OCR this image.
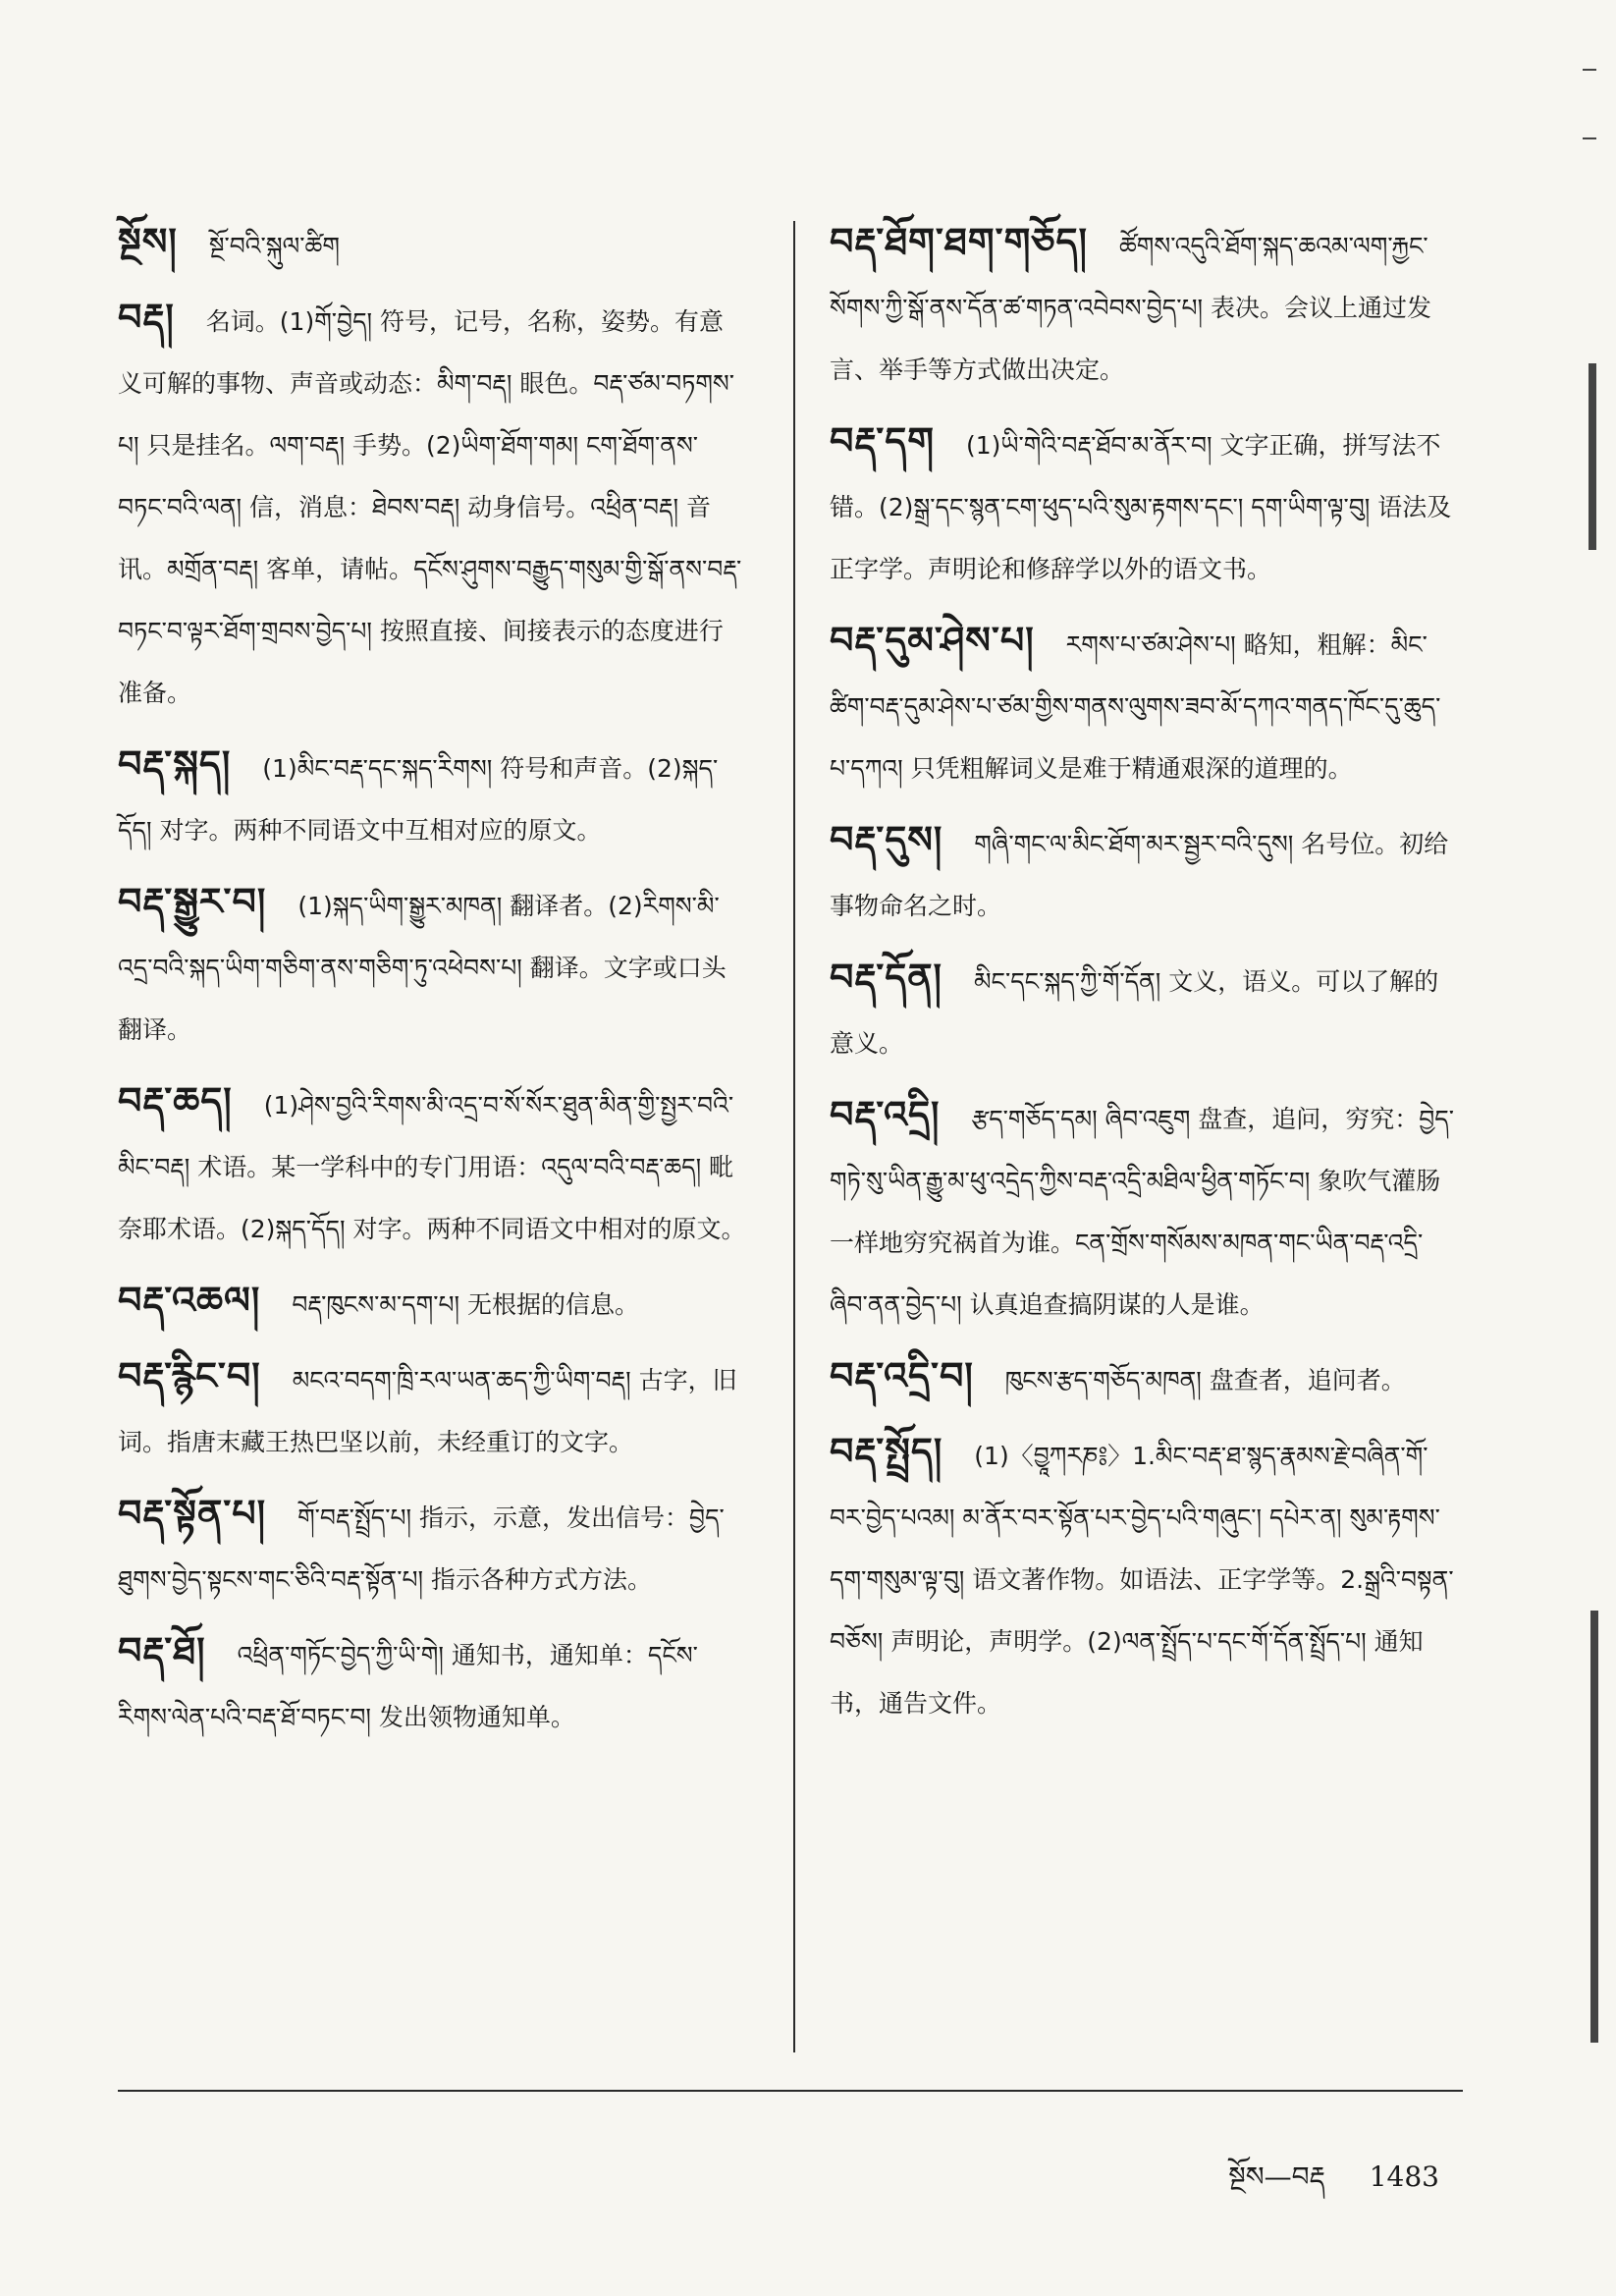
སྔོས། སྔོ་བའི་སྐུལ་ཚིག
བརྡ། 名词。(1)གོ་བྱེད། 符号，记号，名称，姿势。有意义可解的事物、声音或动态：མིག་བརྡ། 眼色。བརྡ་ཙམ་བཏགས་པ། 只是挂名。ལག་བརྡ། 手势。(2)ཡིག་ཐོག་གམ། ངག་ཐོག་ནས་བཏང་བའི་ལན། 信，消息：ཐེབས་བརྡ། 动身信号。འཕྲིན་བརྡ། 音讯。མགྲོན་བརྡ། 客单，请帖。དངོས་ཤུགས་བརྒྱུད་གསུམ་གྱི་སྒོ་ནས་བརྡ་བཏང་བ་ལྟར་ཐོག་གྲབས་བྱེད་པ། 按照直接、间接表示的态度进行准备。
བརྡ་སྐད། (1)མིང་བརྡ་དང་སྐད་རིགས། 符号和声音。(2)སྐད་དོད། 对字。两种不同语文中互相对应的原文。
བརྡ་སྒྱུར་བ། (1)སྐད་ཡིག་སྒྱུར་མཁན། 翻译者。(2)རིགས་མི་འདྲ་བའི་སྐད་ཡིག་གཅིག་ནས་གཅིག་ཏུ་འཕེབས་པ། 翻译。文字或口头翻译。
བརྡ་ཆད། (1)ཤེས་བྱའི་རིགས་མི་འདྲ་བ་སོ་སོར་ཐུན་མིན་གྱི་སྤྱར་བའི་མིང་བརྡ། 术语。某一学科中的专门用语：འདུལ་བའི་བརྡ་ཆད། 毗奈耶术语。(2)སྐད་དོད། 对字。两种不同语文中相对的原文。
བརྡ་འཆལ། བརྡ་ཁུངས་མ་དག་པ། 无根据的信息。
བརྡ་རྙིང་བ། མངའ་བདག་ཁྲི་རལ་ཡན་ཆད་ཀྱི་ཡིག་བརྡ། 古字，旧词。指唐末藏王热巴坚以前，未经重订的文字。
བརྡ་སྟོན་པ། གོ་བརྡ་སྤྲོད་པ། 指示，示意，发出信号：བྱེད་ཐུགས་བྱེད་སྟངས་གང་ཅིའི་བརྡ་སྟོན་པ། 指示各种方式方法。
བརྡ་ཐོ། འཕྲིན་གཏོང་བྱེད་ཀྱི་ཡི་གེ། 通知书，通知单：དངོས་རིགས་ལེན་པའི་བརྡ་ཐོ་བཏང་བ། 发出领物通知单。
བརྡ་ཐོག་ཐག་གཅོད། ཚོགས་འདུའི་ཐོག་སྐད་ཆའམ་ལག་རྐྱང་སོགས་ཀྱི་སྒོ་ནས་དོན་ཚ་གཏན་འབེབས་བྱེད་པ། 表决。会议上通过发言、举手等方式做出决定。
བརྡ་དག (1)ཡི་གེའི་བརྡ་ཐོབ་མ་ནོར་བ། 文字正确，拼写法不错。(2)སྒྲ་དང་སྙན་ངག་ཕུད་པའི་སུམ་རྟགས་དང་། དག་ཡིག་ལྟ་བུ། 语法及正字学。声明论和修辞学以外的语文书。
བརྡ་དུམ་ཤེས་པ། རགས་པ་ཙམ་ཤེས་པ། 略知，粗解：མིང་ཚིག་བརྡ་དུམ་ཤེས་པ་ཙམ་གྱིས་གནས་ལུགས་ཟབ་མོ་དཀའ་གནད་ཁོང་དུ་ཆུད་པ་དཀའ། 只凭粗解词义是难于精通艰深的道理的。
བརྡ་དུས། གཞི་གང་ལ་མིང་ཐོག་མར་སྦྱར་བའི་དུས། 名号位。初给事物命名之时。
བརྡ་དོན། མིང་དང་སྐད་ཀྱི་གོ་དོན། 文义，语义。可以了解的意义。
བརྡ་འདྲི། རྩད་གཅོད་དམ། ཞིབ་འཇུག 盘查，追问，穷究：བྱེད་གཏེ་སུ་ཡིན་རྒྱུ་མ་ཕུ་འདྲེད་ཀྱིས་བརྡ་འདྲི་མཐིལ་ཕྱིན་གཏོང་བ། 象吹气灌肠一样地穷究祸首为谁。ངན་གྲོས་གསོམས་མཁན་གང་ཡིན་བརྡ་འདྲི་ཞིབ་ནན་བྱེད་པ། 认真追查搞阴谋的人是谁。
བརྡ་འདྲི་བ། ཁུངས་རྩད་གཅོད་མཁན། 盘查者，追问者。
བརྡ་སྤྲོད། (1)〈བྱཱཀརཎ༔〉1.མིང་བརྡ་ཐ་སྙད་རྣམས་རྗེ་བཞིན་གོ་བར་བྱེད་པའམ། མ་ནོར་བར་སྟོན་པར་བྱེད་པའི་གཞུང་། དཔེར་ན། སུམ་རྟགས་དག་གསུམ་ལྟ་བུ། 语文著作物。如语法、正字学等。2.སྒྲའི་བསྟན་བཅོས། 声明论，声明学。(2)ལན་སྤྲོད་པ་དང་གོ་དོན་སྤྲོད་པ། 通知书，通告文件。
སྔོས—བརྡ 1483
